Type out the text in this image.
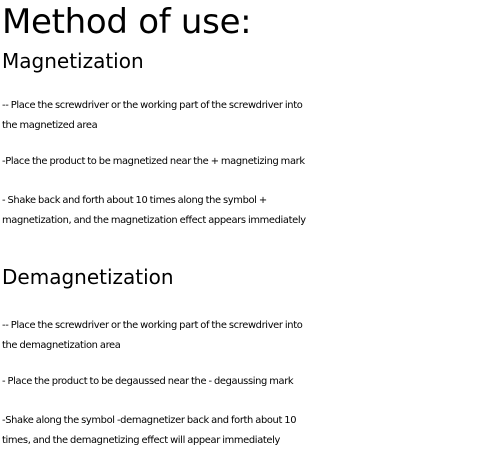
Method of use:
Magnetization
-- Place the screwdriver or the working part of the screwdriver into
the magnetized area
-Place the product to be magnetized near the + magnetizing mark
- Shake back and forth about 10 times along the symbol +
magnetization, and the magnetization effect appears immediately
Demagnetization
-- Place the screwdriver or the working part of the screwdriver into
the demagnetization area
- Place the product to be degaussed near the - degaussing mark
-Shake along the symbol -demagnetizer back and forth about 10
times, and the demagnetizing effect will appear immediately
